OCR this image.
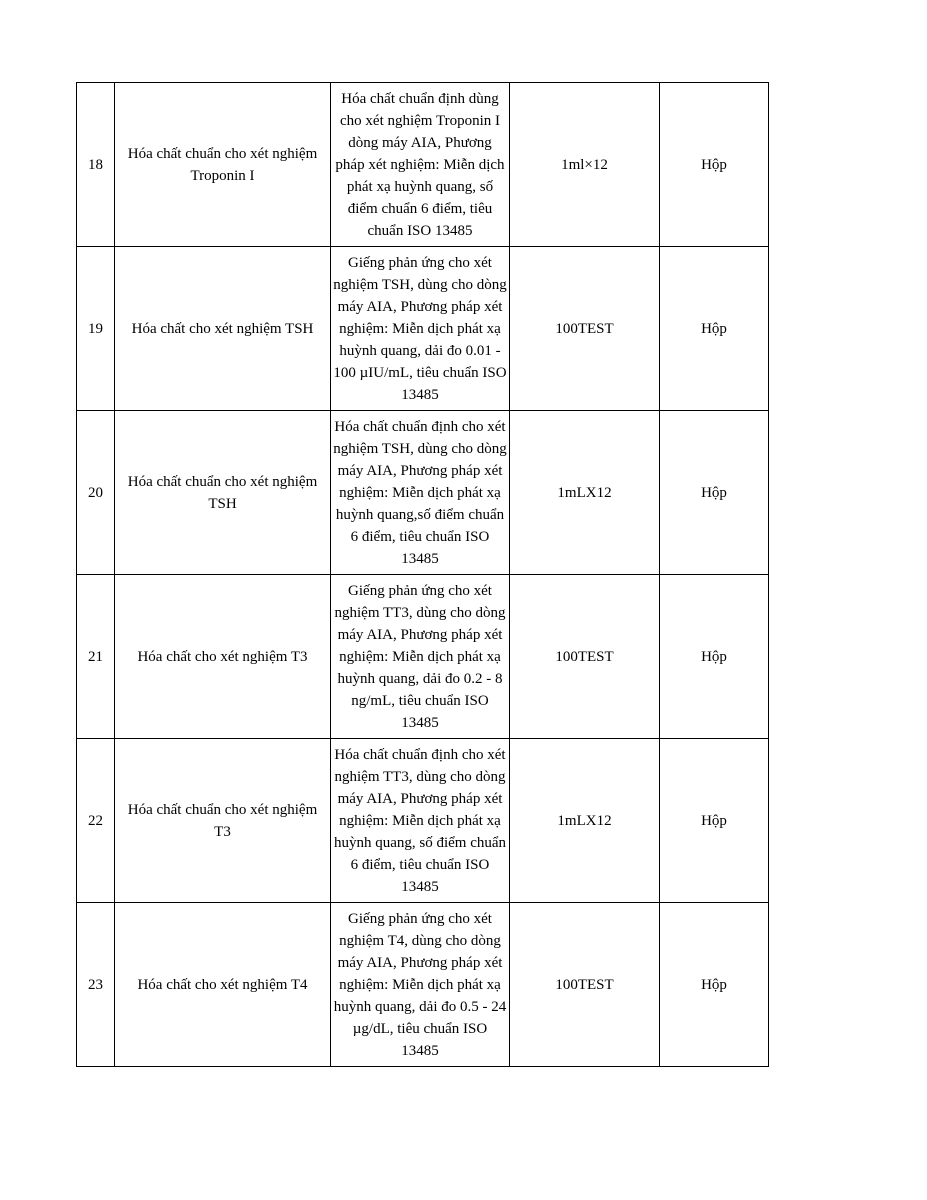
18	Hóa chất chuẩn cho xét nghiệm Troponin I	Hóa chất chuẩn định dùng cho xét nghiệm Troponin I dòng máy AIA, Phương pháp xét nghiệm: Miễn dịch phát xạ huỳnh quang, số điểm chuẩn 6 điểm, tiêu chuẩn ISO 13485	1ml×12	Hộp
19	Hóa chất cho xét nghiệm TSH	Giếng phản ứng cho xét nghiệm TSH, dùng cho dòng máy AIA, Phương pháp xét nghiệm: Miễn dịch phát xạ huỳnh quang, dải đo 0.01 - 100 µIU/mL, tiêu chuẩn ISO 13485	100TEST	Hộp
20	Hóa chất chuẩn cho xét nghiệm TSH	Hóa chất chuẩn định cho xét nghiệm TSH, dùng cho dòng máy AIA, Phương pháp xét nghiệm: Miễn dịch phát xạ huỳnh quang,số điểm chuẩn 6 điểm, tiêu chuẩn ISO 13485	1mLX12	Hộp
21	Hóa chất cho xét nghiệm T3	Giếng phản ứng cho xét nghiệm TT3, dùng cho dòng máy AIA, Phương pháp xét nghiệm: Miễn dịch phát xạ huỳnh quang, dải đo 0.2 - 8 ng/mL, tiêu chuẩn ISO 13485	100TEST	Hộp
22	Hóa chất chuẩn cho xét nghiệm T3	Hóa chất chuẩn định cho xét nghiệm TT3, dùng cho dòng máy AIA, Phương pháp xét nghiệm: Miễn dịch phát xạ huỳnh quang, số điểm chuẩn 6 điểm, tiêu chuẩn ISO 13485	1mLX12	Hộp
23	Hóa chất cho xét nghiệm T4	Giếng phản ứng cho xét nghiệm T4, dùng cho dòng máy AIA, Phương pháp xét nghiệm: Miễn dịch phát xạ huỳnh quang, dải đo 0.5 - 24 µg/dL, tiêu chuẩn ISO 13485	100TEST	Hộp
